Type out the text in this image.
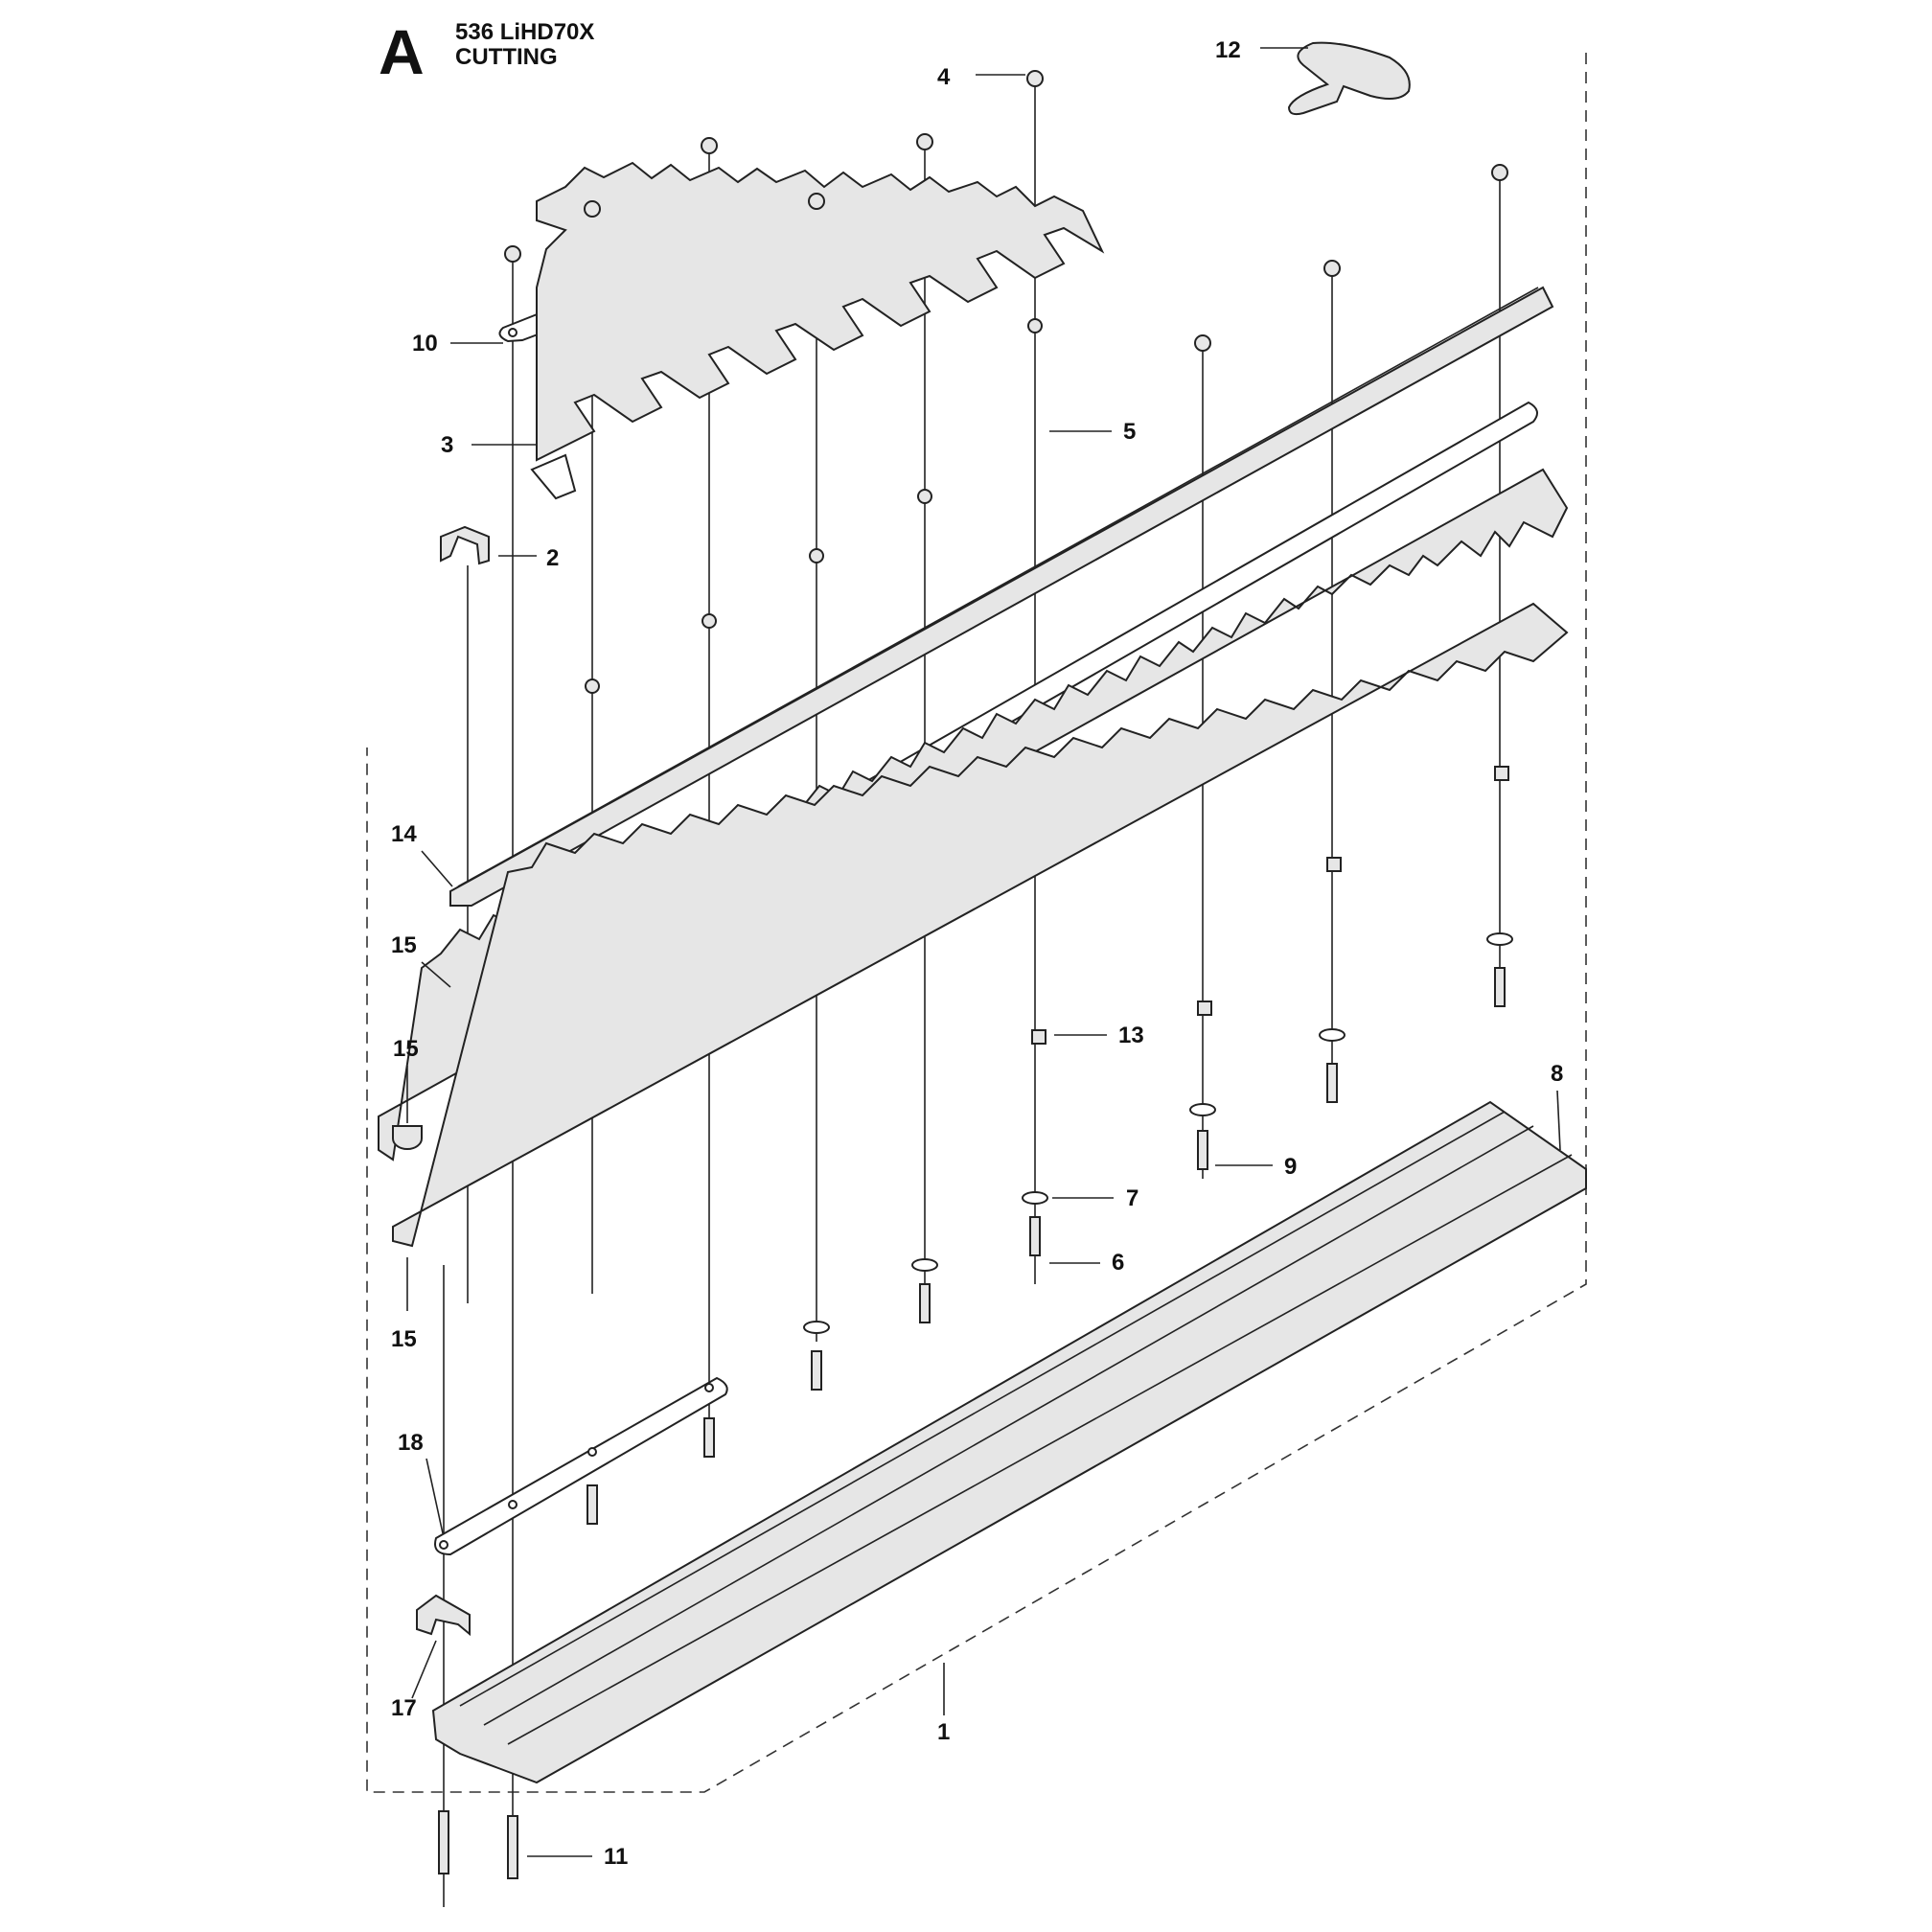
A 536 LiHD70X
CUTTING
4
12
10
3
5
2
14
15
15
13
8
9
7
6
15
18
17
1
11
